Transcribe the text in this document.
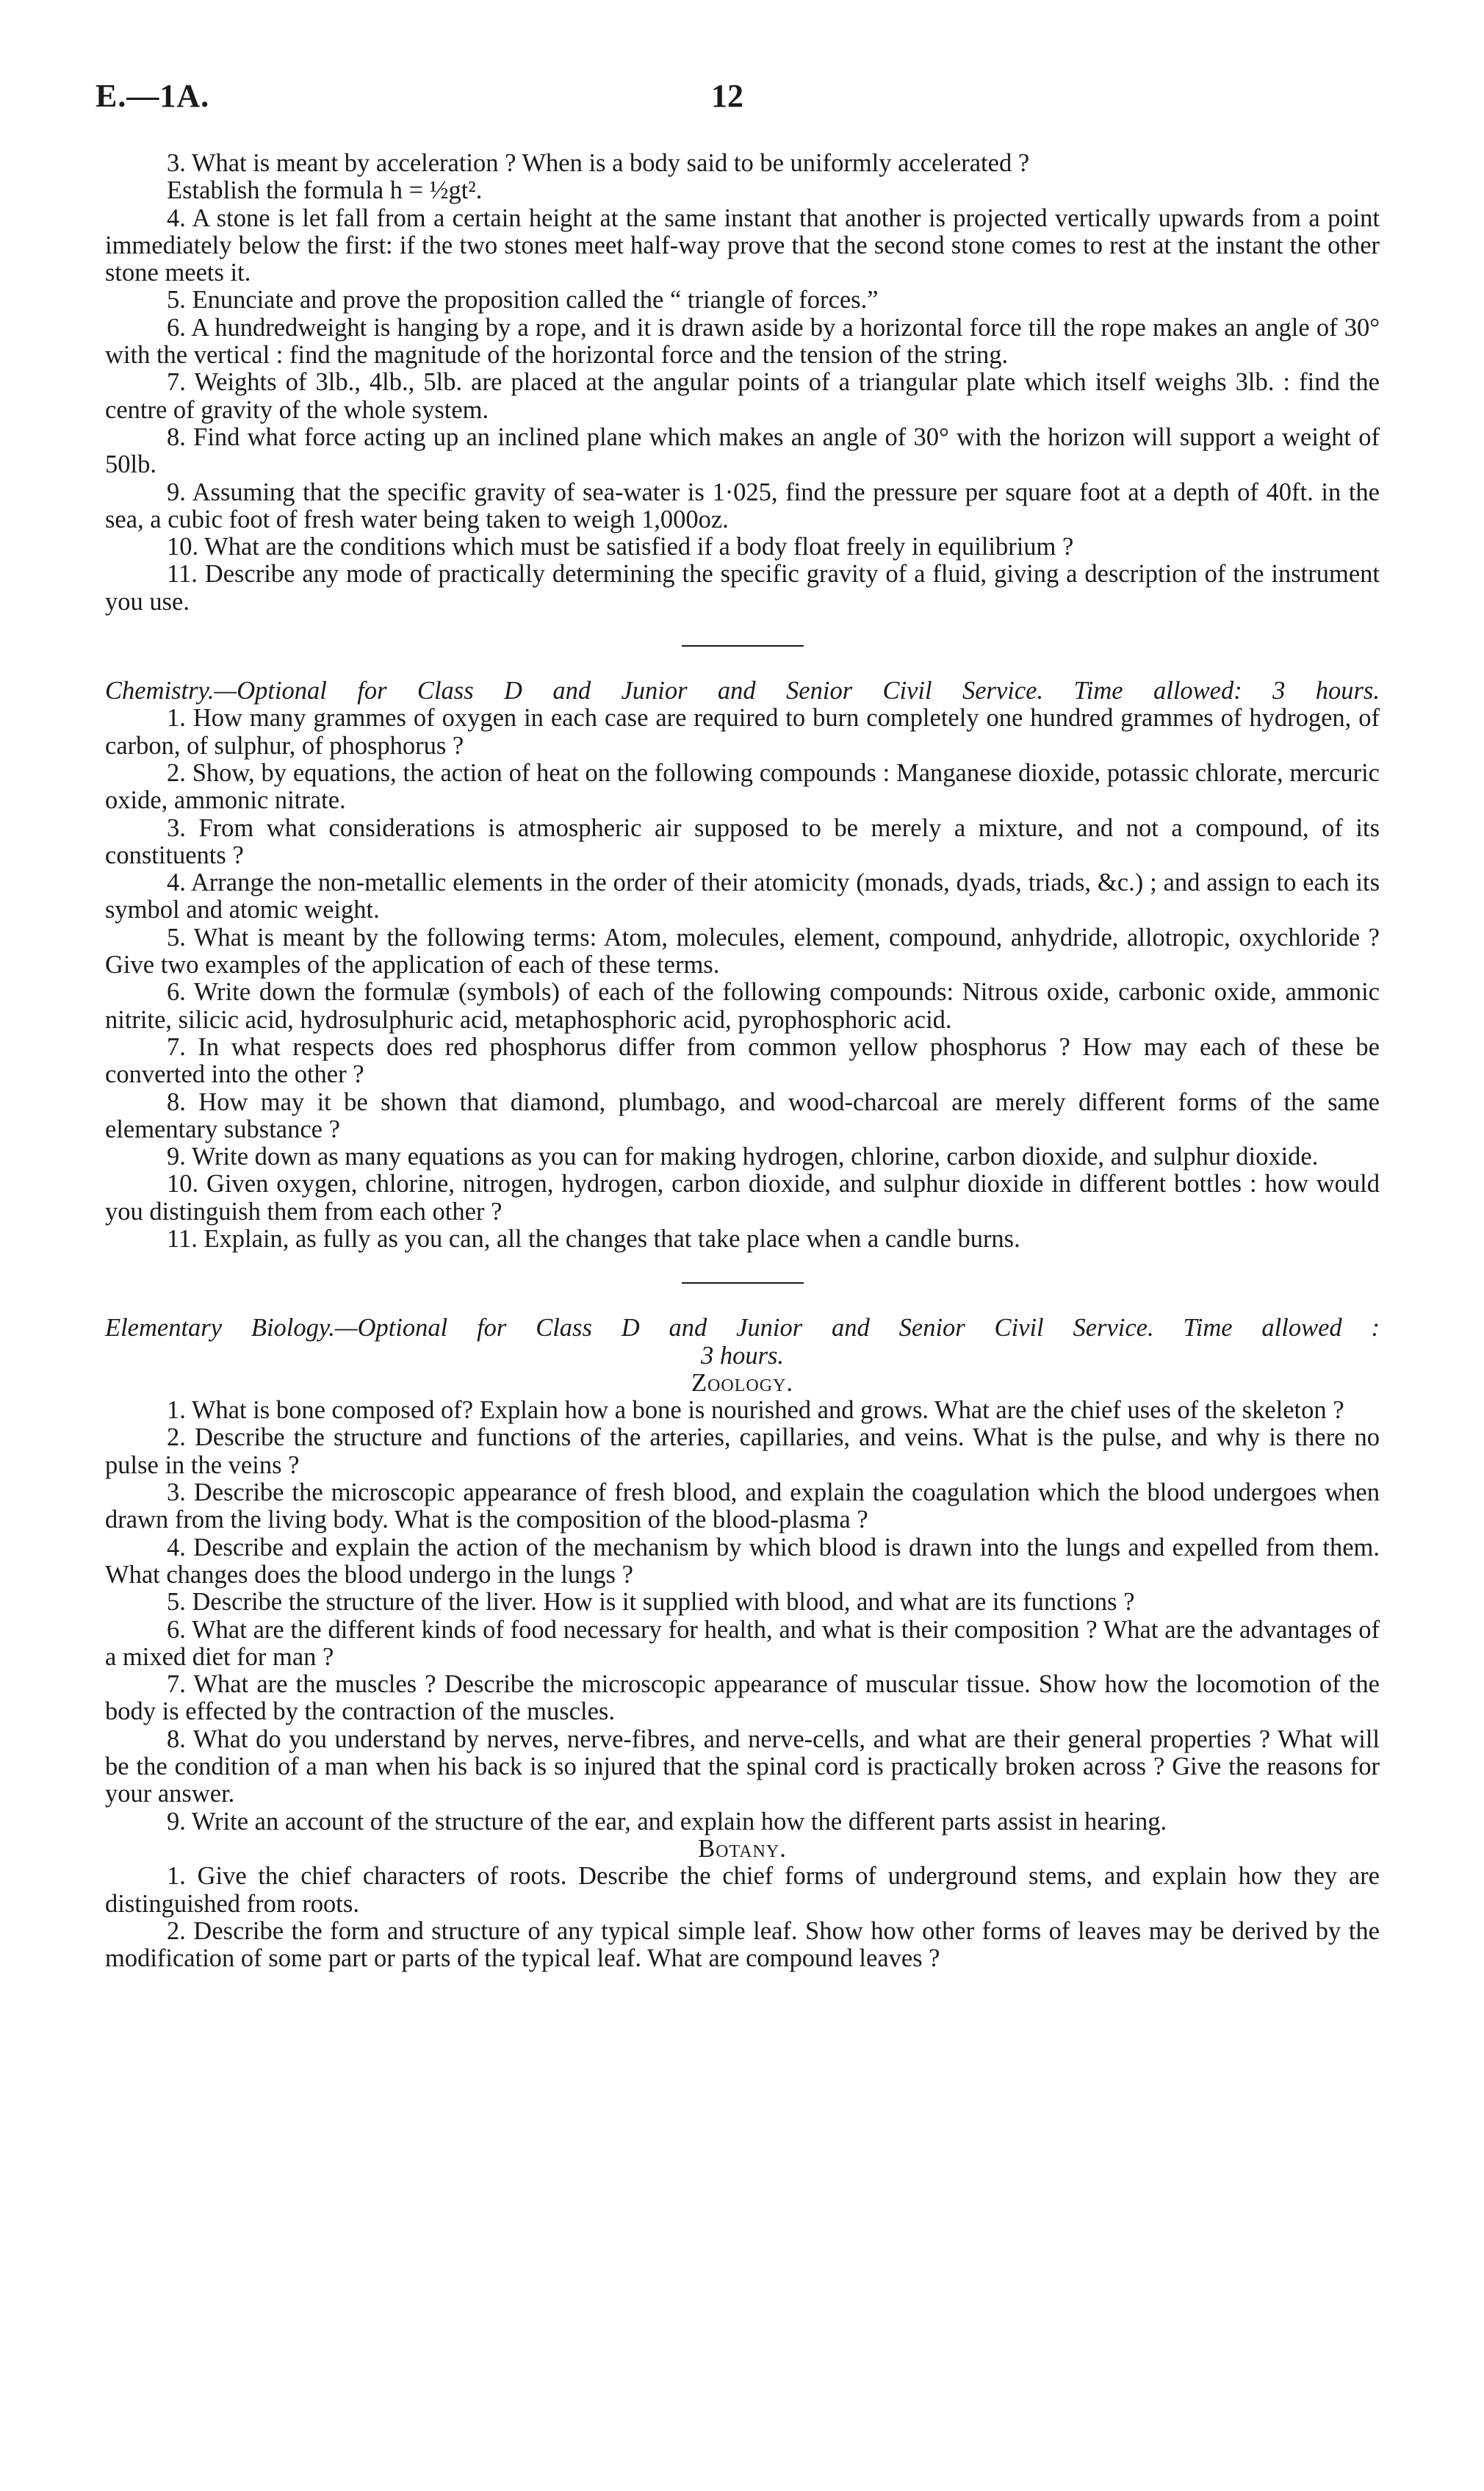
E.—1A.	12

3. What is meant by acceleration ? When is a body said to be uniformly accelerated ?

Establish the formula h = ½gt².

4. A stone is let fall from a certain height at the same instant that another is projected vertically upwards from a point immediately below the first: if the two stones meet half-way prove that the second stone comes to rest at the instant the other stone meets it.

5. Enunciate and prove the proposition called the “ triangle of forces.”

6. A hundredweight is hanging by a rope, and it is drawn aside by a horizontal force till the rope makes an angle of 30° with the vertical : find the magnitude of the horizontal force and the tension of the string.

7. Weights of 3lb., 4lb., 5lb. are placed at the angular points of a triangular plate which itself weighs 3lb. : find the centre of gravity of the whole system.

8. Find what force acting up an inclined plane which makes an angle of 30° with the horizon will support a weight of 50lb.

9. Assuming that the specific gravity of sea-water is 1·025, find the pressure per square foot at a depth of 40ft. in the sea, a cubic foot of fresh water being taken to weigh 1,000oz.

10. What are the conditions which must be satisfied if a body float freely in equilibrium ?

11. Describe any mode of practically determining the specific gravity of a fluid, giving a description of the instrument you use.

Chemistry.—Optional for Class D and Junior and Senior Civil Service. Time allowed: 3 hours.

1. How many grammes of oxygen in each case are required to burn completely one hundred grammes of hydrogen, of carbon, of sulphur, of phosphorus ?

2. Show, by equations, the action of heat on the following compounds : Manganese dioxide, potassic chlorate, mercuric oxide, ammonic nitrate.

3. From what considerations is atmospheric air supposed to be merely a mixture, and not a compound, of its constituents ?

4. Arrange the non-metallic elements in the order of their atomicity (monads, dyads, triads, &c.) ; and assign to each its symbol and atomic weight.

5. What is meant by the following terms: Atom, molecules, element, compound, anhydride, allotropic, oxychloride ? Give two examples of the application of each of these terms.

6. Write down the formulæ (symbols) of each of the following compounds: Nitrous oxide, carbonic oxide, ammonic nitrite, silicic acid, hydrosulphuric acid, metaphosphoric acid, pyrophosphoric acid.

7. In what respects does red phosphorus differ from common yellow phosphorus ? How may each of these be converted into the other ?

8. How may it be shown that diamond, plumbago, and wood-charcoal are merely different forms of the same elementary substance ?

9. Write down as many equations as you can for making hydrogen, chlorine, carbon dioxide, and sulphur dioxide.

10. Given oxygen, chlorine, nitrogen, hydrogen, carbon dioxide, and sulphur dioxide in different bottles : how would you distinguish them from each other ?

11. Explain, as fully as you can, all the changes that take place when a candle burns.

Elementary Biology.—Optional for Class D and Junior and Senior Civil Service. Time allowed :

3 hours.

Zoology.

1. What is bone composed of? Explain how a bone is nourished and grows. What are the chief uses of the skeleton ?

2. Describe the structure and functions of the arteries, capillaries, and veins. What is the pulse, and why is there no pulse in the veins ?

3. Describe the microscopic appearance of fresh blood, and explain the coagulation which the blood undergoes when drawn from the living body. What is the composition of the blood-plasma ?

4. Describe and explain the action of the mechanism by which blood is drawn into the lungs and expelled from them. What changes does the blood undergo in the lungs ?

5. Describe the structure of the liver. How is it supplied with blood, and what are its functions ?

6. What are the different kinds of food necessary for health, and what is their composition ? What are the advantages of a mixed diet for man ?

7. What are the muscles ? Describe the microscopic appearance of muscular tissue. Show how the locomotion of the body is effected by the contraction of the muscles.

8. What do you understand by nerves, nerve-fibres, and nerve-cells, and what are their general properties ? What will be the condition of a man when his back is so injured that the spinal cord is practically broken across ? Give the reasons for your answer.

9. Write an account of the structure of the ear, and explain how the different parts assist in hearing.

Botany.

1. Give the chief characters of roots. Describe the chief forms of underground stems, and explain how they are distinguished from roots.

2. Describe the form and structure of any typical simple leaf. Show how other forms of leaves may be derived by the modification of some part or parts of the typical leaf. What are compound leaves ?
